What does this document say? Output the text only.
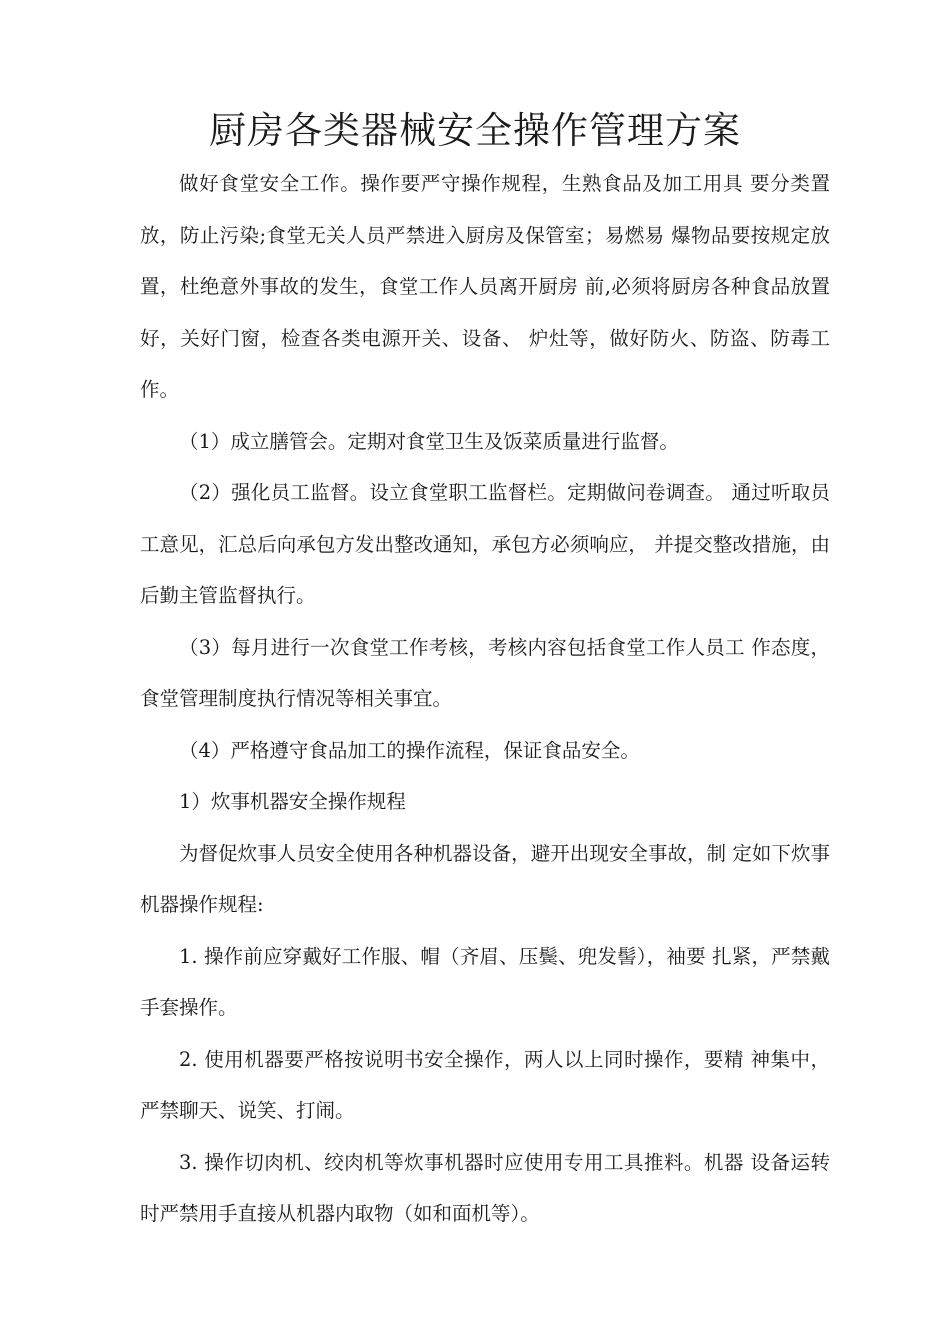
厨房各类器械安全操作管理方案

做好食堂安全工作。操作要严守操作规程，生熟食品及加工用具 要分类置放，防止污染;食堂无关人员严禁进入厨房及保管室；易燃易 爆物品要按规定放置，杜绝意外事故的发生，食堂工作人员离开厨房 前,必须将厨房各种食品放置好，关好门窗，检查各类电源开关、设备、 炉灶等，做好防火、防盗、防毒工作。

（1）成立膳管会。定期对食堂卫生及饭菜质量进行监督。

（2）强化员工监督。设立食堂职工监督栏。定期做问卷调查。 通过听取员工意见，汇总后向承包方发出整改通知，承包方必须响应， 并提交整改措施，由后勤主管监督执行。

（3）每月进行一次食堂工作考核，考核内容包括食堂工作人员工 作态度，食堂管理制度执行情况等相关事宜。

（4）严格遵守食品加工的操作流程，保证食品安全。

1）炊事机器安全操作规程

为督促炊事人员安全使用各种机器设备，避开出现安全事故，制 定如下炊事机器操作规程:

1. 操作前应穿戴好工作服、帽（齐眉、压鬓、兜发髻），袖要 扎紧，严禁戴手套操作。

2. 使用机器要严格按说明书安全操作，两人以上同时操作，要精 神集中，严禁聊天、说笑、打闹。

3. 操作切肉机、绞肉机等炊事机器时应使用专用工具推料。机器 设备运转时严禁用手直接从机器内取物（如和面机等）。
